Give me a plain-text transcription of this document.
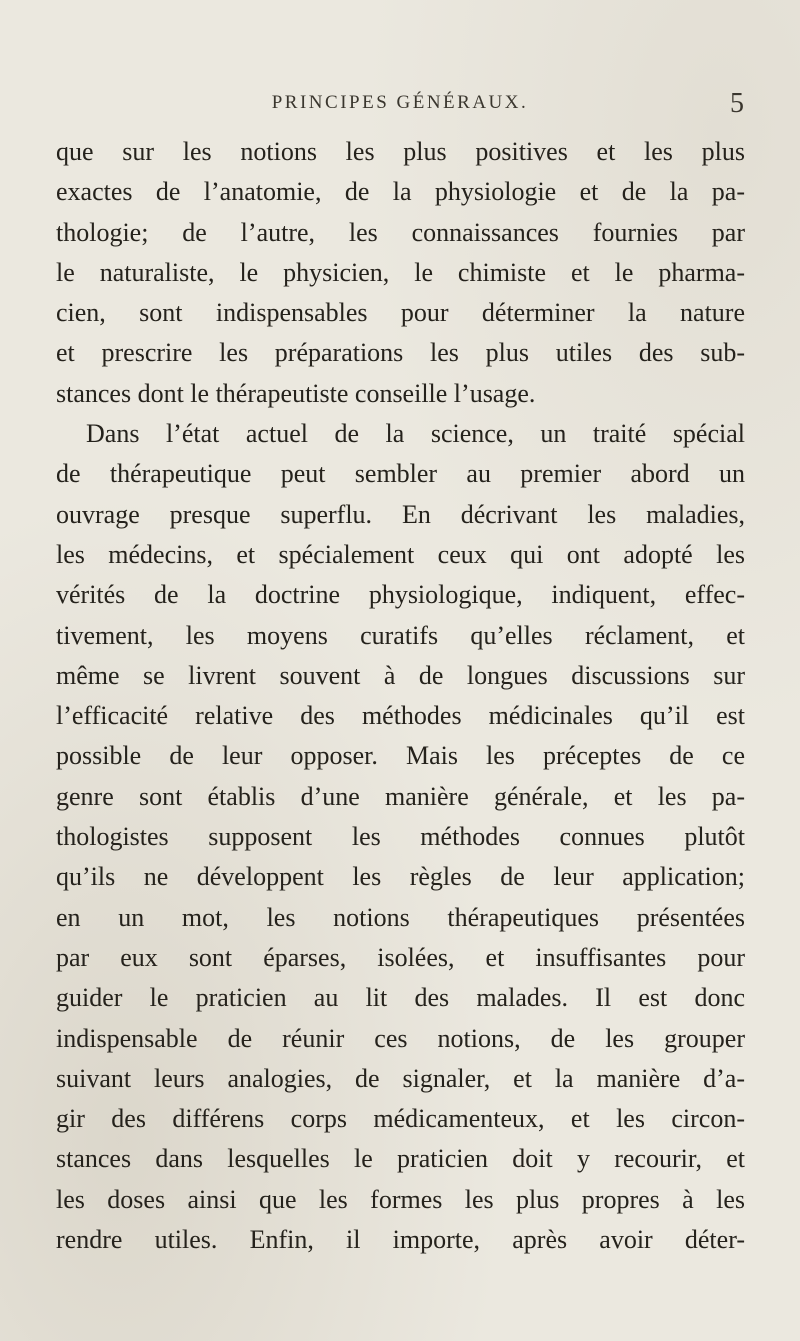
PRINCIPES GÉNÉRAUX.	5
que sur les notions les plus positives et les plus
exactes de l’anatomie, de la physiologie et de la pa-
thologie; de l’autre, les connaissances fournies par
le naturaliste, le physicien, le chimiste et le pharma-
cien, sont indispensables pour déterminer la nature
et prescrire les préparations les plus utiles des sub-
stances dont le thérapeutiste conseille l’usage.
Dans l’état actuel de la science, un traité spécial
de thérapeutique peut sembler au premier abord un
ouvrage presque superflu. En décrivant les maladies,
les médecins, et spécialement ceux qui ont adopté les
vérités de la doctrine physiologique, indiquent, effec-
tivement, les moyens curatifs qu’elles réclament, et
même se livrent souvent à de longues discussions sur
l’efficacité relative des méthodes médicinales qu’il est
possible de leur opposer. Mais les préceptes de ce
genre sont établis d’une manière générale, et les pa-
thologistes supposent les méthodes connues plutôt
qu’ils ne développent les règles de leur application;
en un mot, les notions thérapeutiques présentées
par eux sont éparses, isolées, et insuffisantes pour
guider le praticien au lit des malades. Il est donc
indispensable de réunir ces notions, de les grouper
suivant leurs analogies, de signaler, et la manière d’a-
gir des différens corps médicamenteux, et les circon-
stances dans lesquelles le praticien doit y recourir, et
les doses ainsi que les formes les plus propres à les
rendre utiles. Enfin, il importe, après avoir déter-
